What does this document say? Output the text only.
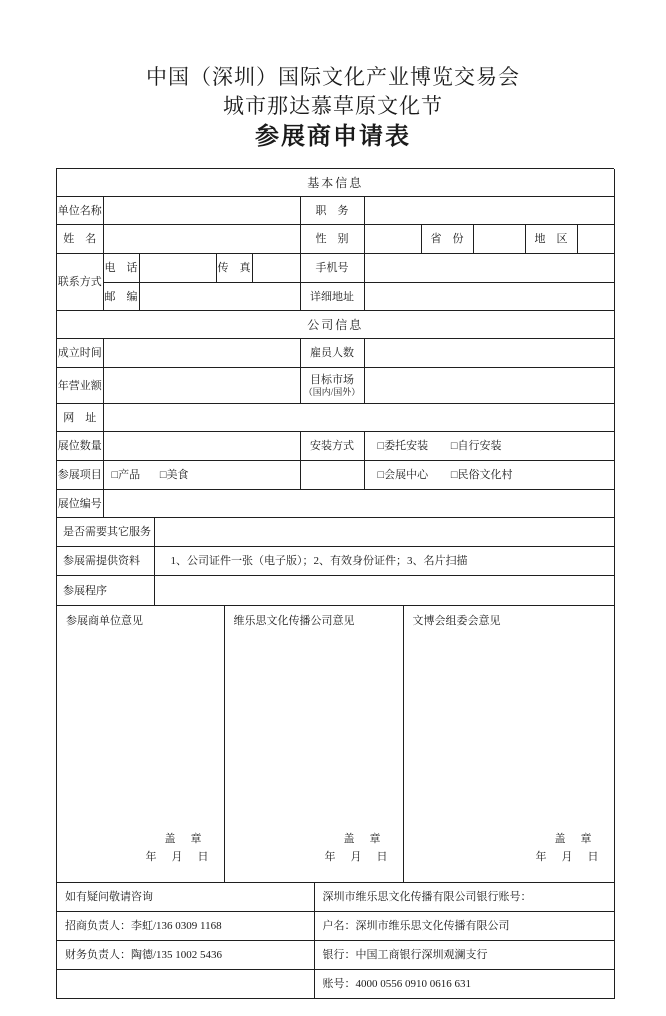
中国（深圳）国际文化产业博览交易会
城市那达慕草原文化节
参展商申请表
基本信息							
单位名称		职　务					
姓　名		性　别		省　份		地　区	
联系方式	电　话		传　真		手机号	
	邮　编				详细地址	
公司信息			
成立时间		雇员人数	
年营业额		目标市场
（国内/国外）	

网　址			
展位数量		安装方式	□委托安装 □自行安装
参展项目	□产品 □美食		□会展中心 □民俗文化村
展位编号			
是否需要其它服务	
参展需提供资料	1、公司证件一张（电子版）；2、有效身份证件；3、名片扫描
参展程序	
参展商单位意见
盖　章
年　月　日

维乐思文化传播公司意见
盖　章
年　月　日

文博会组委会意见
盖　章
年　月　日
如有疑问敬请咨询	深圳市维乐思文化传播有限公司银行账号：
招商负责人：李虹/136 0309 1168	户名：深圳市维乐思文化传播有限公司
财务负责人：陶德/135 1002 5436	银行：中国工商银行深圳观澜支行
	账号：4000 0556 0910 0616 631
